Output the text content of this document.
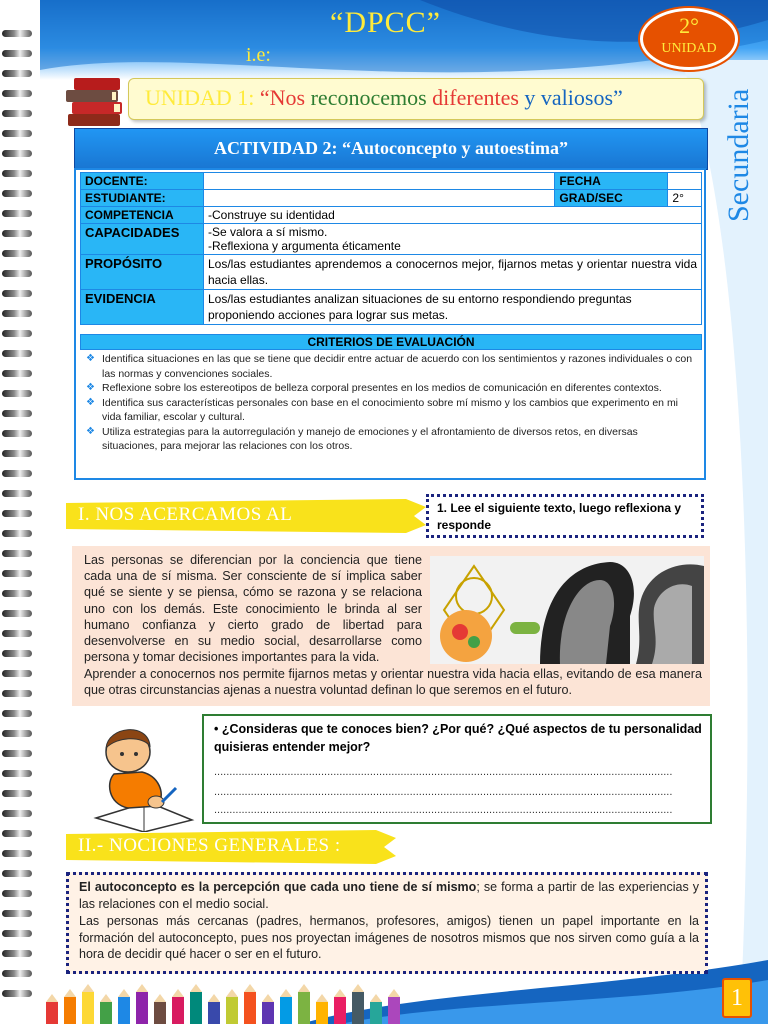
“DPCC”
i.e:
2°
UNIDAD
Secundaria
UNIDAD 1: “Nos reconocemos diferentes y valiosos”
ACTIVIDAD 2: “Autoconcepto y autoestima”
DOCENTE:		FECHA	
ESTUDIANTE:		GRAD/SEC	2°
COMPETENCIA	-Construye su identidad		
CAPACIDADES	-Se valora a sí mismo.
-Reflexiona y argumenta éticamente		

PROPÓSITO	Los/las estudiantes aprendemos a conocernos mejor, fijarnos metas y orientar nuestra vida hacia ellas.		
EVIDENCIA	Los/las estudiantes analizan situaciones de su entorno respondiendo preguntas proponiendo acciones para lograr sus metas.		
CRITERIOS DE EVALUACIÓN
❖ Identifica situaciones en las que se tiene que decidir entre actuar de acuerdo con los sentimientos y razones individuales o con las normas y convenciones sociales.
❖ Reflexione sobre los estereotipos de belleza corporal presentes en los medios de comunicación en diferentes contextos.
❖ Identifica sus características personales con base en el conocimiento sobre mí mismo y los cambios que experimento en mi vida familiar, escolar y cultural.
❖ Utiliza estrategias para la autorregulación y manejo de emociones y el afrontamiento de diversos retos, en diversas situaciones, para mejorar las relaciones con los otros.
I. NOS ACERCAMOS AL	1. Lee el siguiente texto, luego reflexiona y responde
Las personas se diferencian por la conciencia que tiene cada una de sí misma. Ser consciente de sí implica saber qué se siente y se piensa, cómo se razona y se relaciona uno con los demás. Este conocimiento le brinda al ser humano confianza y cierto grado de libertad para desenvolverse en su medio social, desarrollarse como persona y tomar decisiones importantes para la vida.
Aprender a conocernos nos permite fijarnos metas y orientar nuestra vida hacia ellas, evitando de esa manera que otras circunstancias ajenas a nuestra voluntad definan lo que seremos en el futuro.
• ¿Consideras que te conoces bien? ¿Por qué? ¿Qué aspectos de tu personalidad quisieras entender mejor?
......................................................................................................................................................
......................................................................................................................................................
......................................................................................................................................................
II.- NOCIONES GENERALES :
El autoconcepto es la percepción que cada uno tiene de sí mismo; se forma a partir de las experiencias y las relaciones con el medio social.
Las personas más cercanas (padres, hermanos, profesores, amigos) tienen un papel importante en la formación del autoconcepto, pues nos proyectan imágenes de nosotros mismos que nos sirven como guía a la hora de decidir qué hacer o ser en el futuro.
1
